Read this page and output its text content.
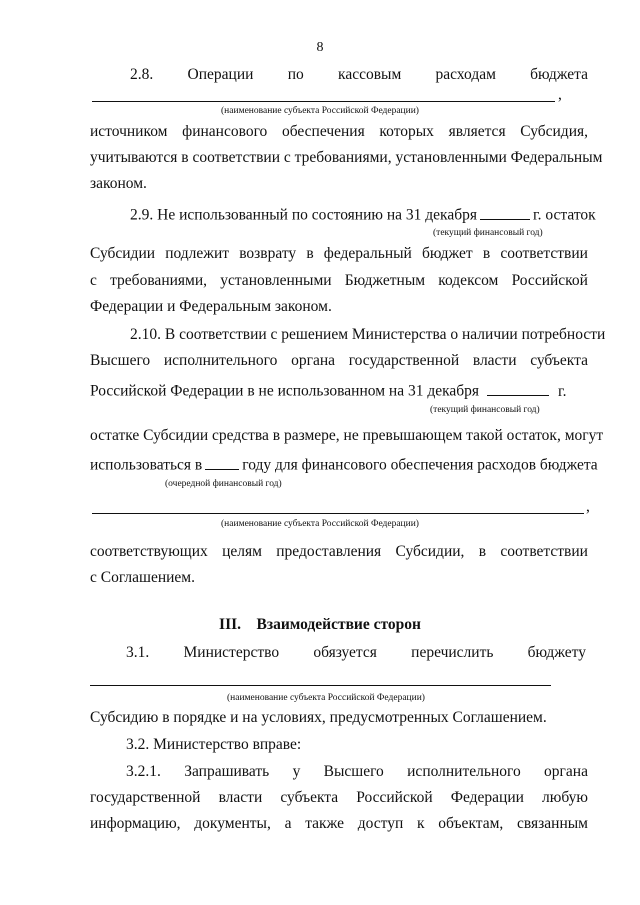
8
2.8. Операции по кассовым расходам бюджета
,
(наименование субъекта Российской Федерации)
источником финансового обеспечения которых является Субсидия,
учитываются в соответствии с требованиями, установленными Федеральным
законом.
2.9. Не использованный по состоянию на 31 декабря	г. остаток
(текущий финансовый год)
Субсидии подлежит возврату в федеральный бюджет в соответствии
с требованиями, установленными Бюджетным кодексом Российской
Федерации и Федеральным законом.
2.10. В соответствии с решением Министерства о наличии потребности
Высшего исполнительного органа государственной власти субъекта
Российской Федерации в не использованном на 31 декабря	г.
(текущий финансовый год)
остатке Субсидии средства в размере, не превышающем такой остаток, могут
использоваться в	году для финансового обеспечения расходов бюджета
(очередной финансовый год)
,
(наименование субъекта Российской Федерации)
соответствующих целям предоставления Субсидии, в соответствии
с Соглашением.
III. Взаимодействие сторон
3.1. Министерство обязуется перечислить бюджету
(наименование субъекта Российской Федерации)
Субсидию в порядке и на условиях, предусмотренных Соглашением.
3.2. Министерство вправе:
3.2.1. Запрашивать у Высшего исполнительного органа
государственной власти субъекта Российской Федерации любую
информацию, документы, а также доступ к объектам, связанным
